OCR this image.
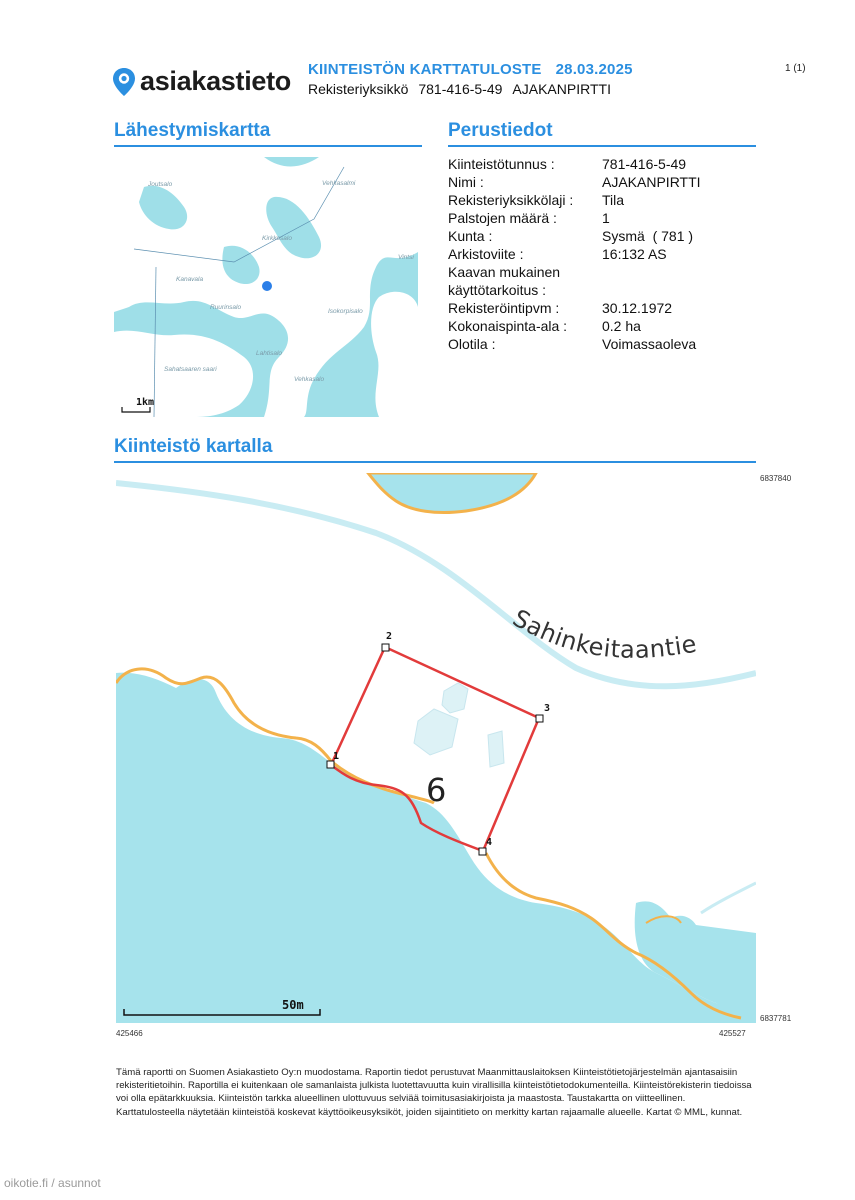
asiakastieto KIINTEISTÖN KARTTATULOSTE 28.03.2025
Rekisteriyksikkö 781-416-5-49 AJAKANPIRTTI
1 (1)
Lähestymiskartta
Joutsalo	Vehkasalmi
Kirkkosalo
Kanavala
Vintsi
Ruurinsalo
Isokorpisalo
Lahtisalo
Sahatsaaren saari
Vehkasalo
1km
Perustiedot
Kiinteistötunnus :	781-416-5-49
Nimi :	AJAKANPIRTTI
Rekisteriyksikkölaji :	Tila
Palstojen määrä :	1
Kunta :	Sysmä  ( 781 )
Arkistoviite :	16:132 AS
Kaavan mukainen
käyttötarkoitus :
Rekisteröintipvm :	30.12.1972
Kokonaispinta-ala :	0.2 ha
Olotila :	Voimassaoleva
Kiinteistö kartalla
Sahinkeitaantie
1
2
3
4
6
50m
6837840
6837781
425466	425527
Tämä raportti on Suomen Asiakastieto Oy:n muodostama. Raportin tiedot perustuvat Maanmittauslaitoksen Kiinteistötietojärjestelmän ajantasaisiin rekisteritietoihin. Raportilla ei kuitenkaan ole samanlaista julkista luotettavuutta kuin virallisilla kiinteistötietodokumenteilla. Kiinteistörekisterin tiedoissa voi olla epätarkkuuksia. Kiinteistön tarkka alueellinen ulottuvuus selviää toimitusasiakirjoista ja maastosta. Taustakartta on viitteellinen. Karttatulosteella näytetään kiinteistöä koskevat käyttöoikeusyksiköt, joiden sijaintitieto on merkitty kartan rajaamalle alueelle. Kartat © MML, kunnat.
oikotie.fi / asunnot
